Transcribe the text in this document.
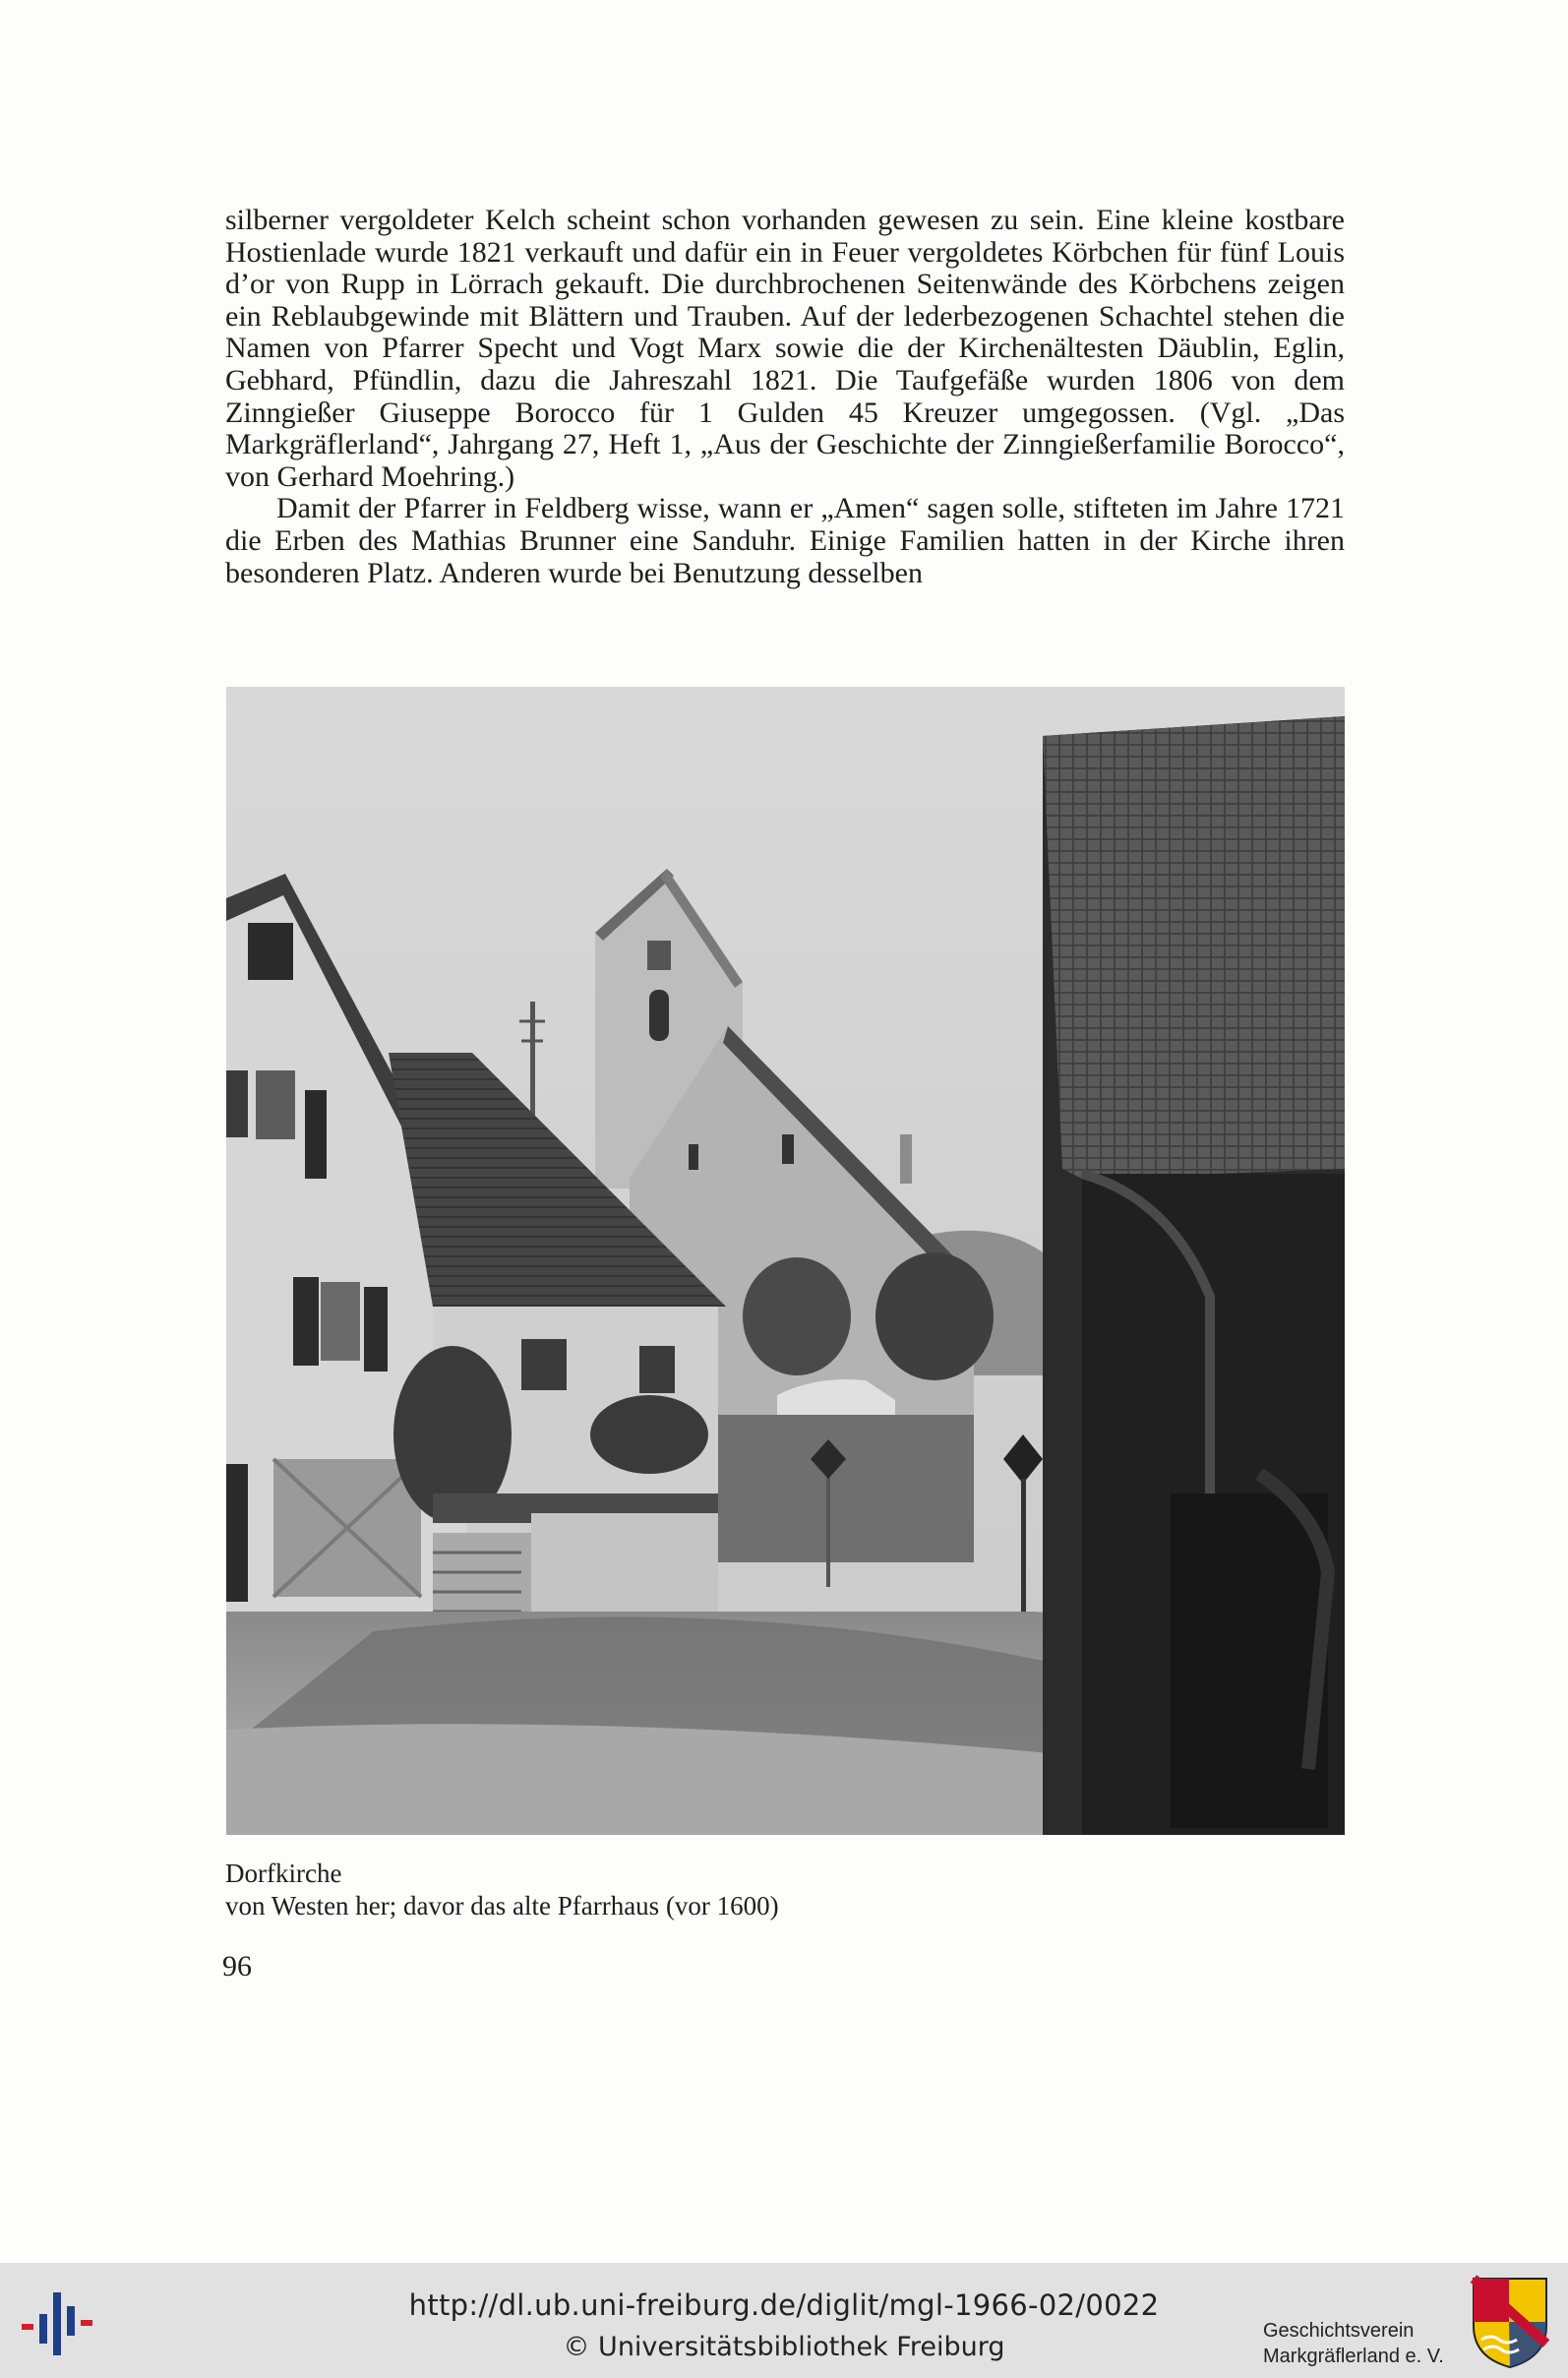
silberner vergoldeter Kelch scheint schon vorhanden gewesen zu sein. Eine kleine kostbare Hostienlade wurde 1821 verkauft und dafür ein in Feuer vergoldetes Körbchen für fünf Louis d’or von Rupp in Lörrach gekauft. Die durchbrochenen Seitenwände des Körbchens zeigen ein Reblaubgewinde mit Blättern und Trauben. Auf der lederbezogenen Schachtel stehen die Namen von Pfarrer Specht und Vogt Marx sowie die der Kirchenältesten Däublin, Eglin, Gebhard, Pfündlin, dazu die Jahreszahl 1821. Die Taufgefäße wurden 1806 von dem Zinngießer Giuseppe Borocco für 1 Gulden 45 Kreuzer umgegossen. (Vgl. „Das Markgräflerland“, Jahrgang 27, Heft 1, „Aus der Geschichte der Zinngießerfamilie Borocco“, von Gerhard Moehring.)

Damit der Pfarrer in Feldberg wisse, wann er „Amen“ sagen solle, stifteten im Jahre 1721 die Erben des Mathias Brunner eine Sanduhr. Einige Familien hatten in der Kirche ihren besonderen Platz. Anderen wurde bei Benutzung desselben

Dorfkirche
von Westen her; davor das alte Pfarrhaus (vor 1600)
96
http://dl.ub.uni-freiburg.de/diglit/mgl-1966-02/0022
© Universitätsbibliothek Freiburg
Geschichtsverein
Markgräflerland e. V.
